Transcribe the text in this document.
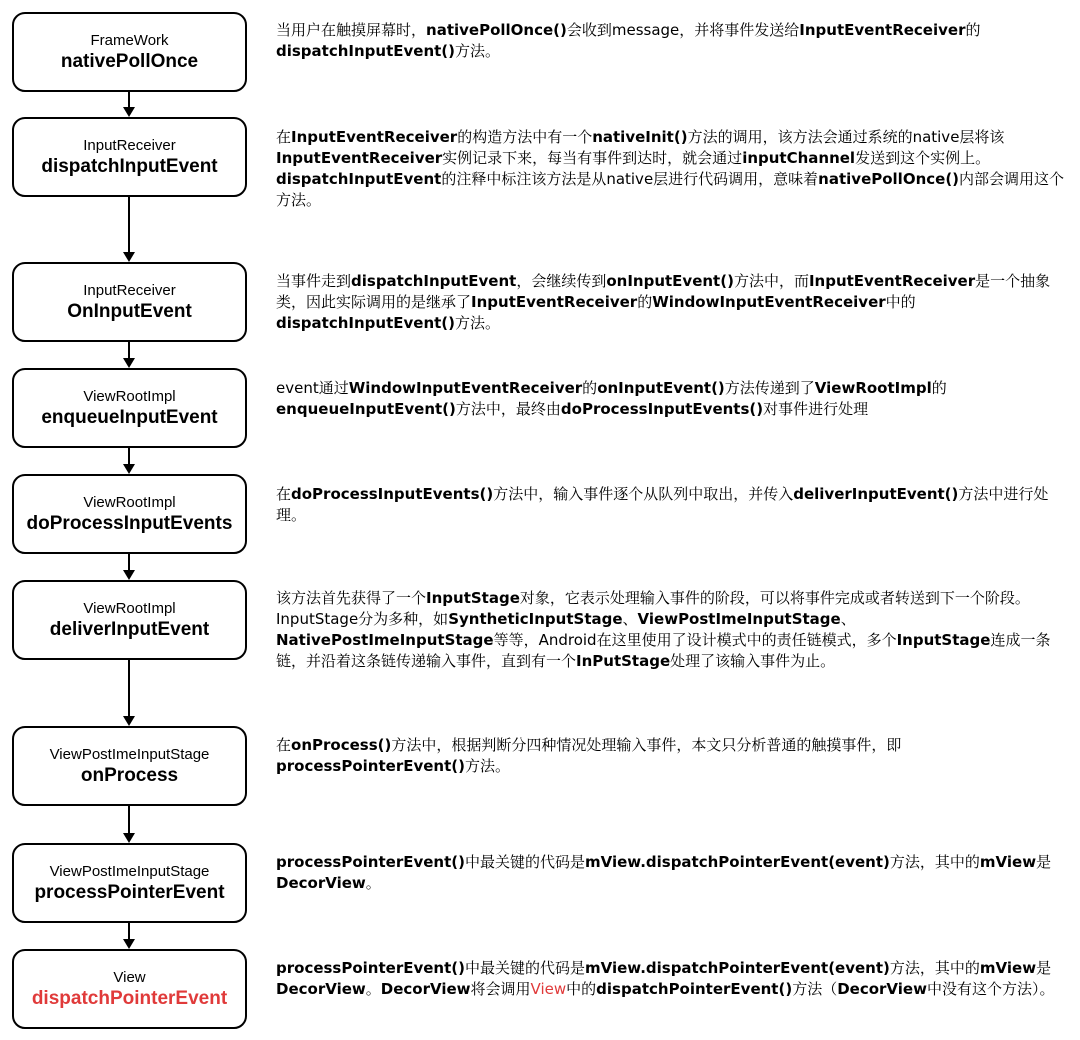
FrameWork
nativePollOnce

当用户在触摸屏幕时，nativePollOnce()会收到message，并将事件发送给InputEventReceiver的dispatchInputEvent()方法。

InputReceiver
dispatchInputEvent

在InputEventReceiver的构造方法中有一个nativeInit()方法的调用，该方法会通过系统的native层将该InputEventReceiver实例记录下来，每当有事件到达时，就会通过inputChannel发送到这个实例上。

dispatchInputEvent的注释中标注该方法是从native层进行代码调用，意味着nativePollOnce()内部会调用这个方法。

InputReceiver
OnInputEvent

当事件走到dispatchInputEvent，会继续传到onInputEvent()方法中，而InputEventReceiver是一个抽象类，因此实际调用的是继承了InputEventReceiver的WindowInputEventReceiver中的dispatchInputEvent()方法。

ViewRootImpl
enqueueInputEvent

event通过WindowInputEventReceiver的onInputEvent()方法传递到了ViewRootImpl的enqueueInputEvent()方法中，最终由doProcessInputEvents()对事件进行处理

ViewRootImpl
doProcessInputEvents

在doProcessInputEvents()方法中，输入事件逐个从队列中取出，并传入deliverInputEvent()方法中进行处理。

ViewRootImpl
deliverInputEvent

该方法首先获得了一个InputStage对象，它表示处理输入事件的阶段，可以将事件完成或者转送到下一个阶段。InputStage分为多种，如SyntheticInputStage、ViewPostImeInputStage、NativePostImeInputStage等等，Android在这里使用了设计模式中的责任链模式，多个InputStage连成一条链，并沿着这条链传递输入事件，直到有一个InPutStage处理了该输入事件为止。

ViewPostImeInputStage
onProcess

在onProcess()方法中，根据判断分四种情况处理输入事件，本文只分析普通的触摸事件，即processPointerEvent()方法。

ViewPostImeInputStage
processPointerEvent

processPointerEvent()中最关键的代码是mView.dispatchPointerEvent(event)方法，其中的mView是DecorView。

View
dispatchPointerEvent

processPointerEvent()中最关键的代码是mView.dispatchPointerEvent(event)方法，其中的mView是DecorView。DecorView将会调用View中的dispatchPointerEvent()方法（DecorView中没有这个方法）。
